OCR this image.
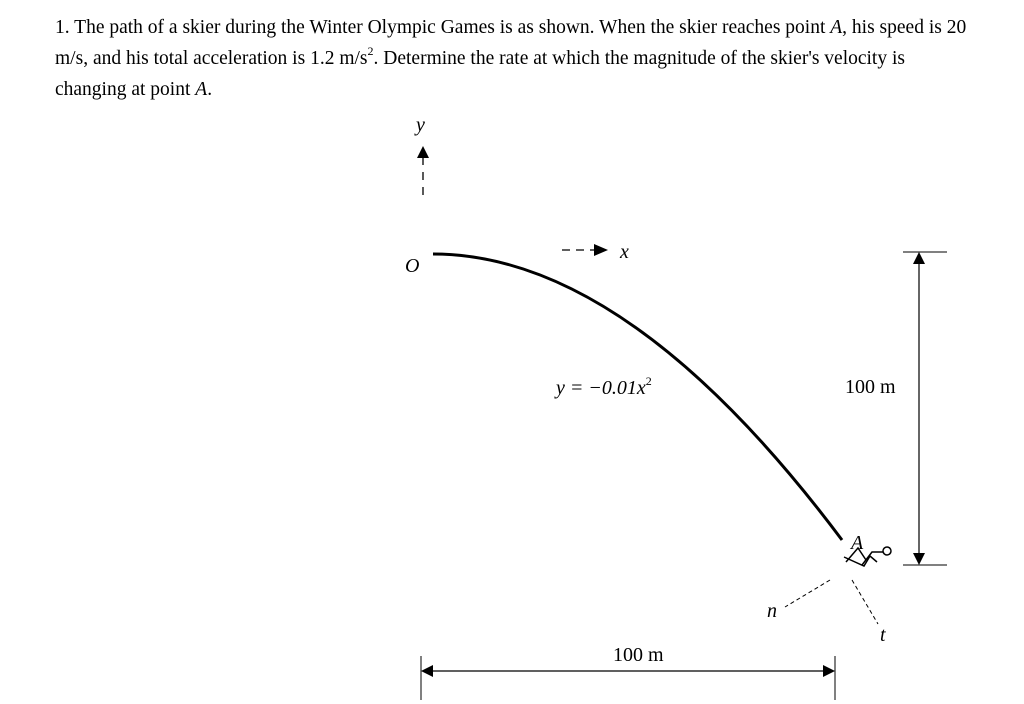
1. The path of a skier during the Winter Olympic Games is as shown. When the skier reaches point A, his speed is 20 m/s, and his total acceleration is 1.2 $m/s^2$. Determine the rate at which the magnitude of the skier's velocity is changing at point A.

y
x
O
$y = -0.01x^2$	100 m
100 m
A
n
t
